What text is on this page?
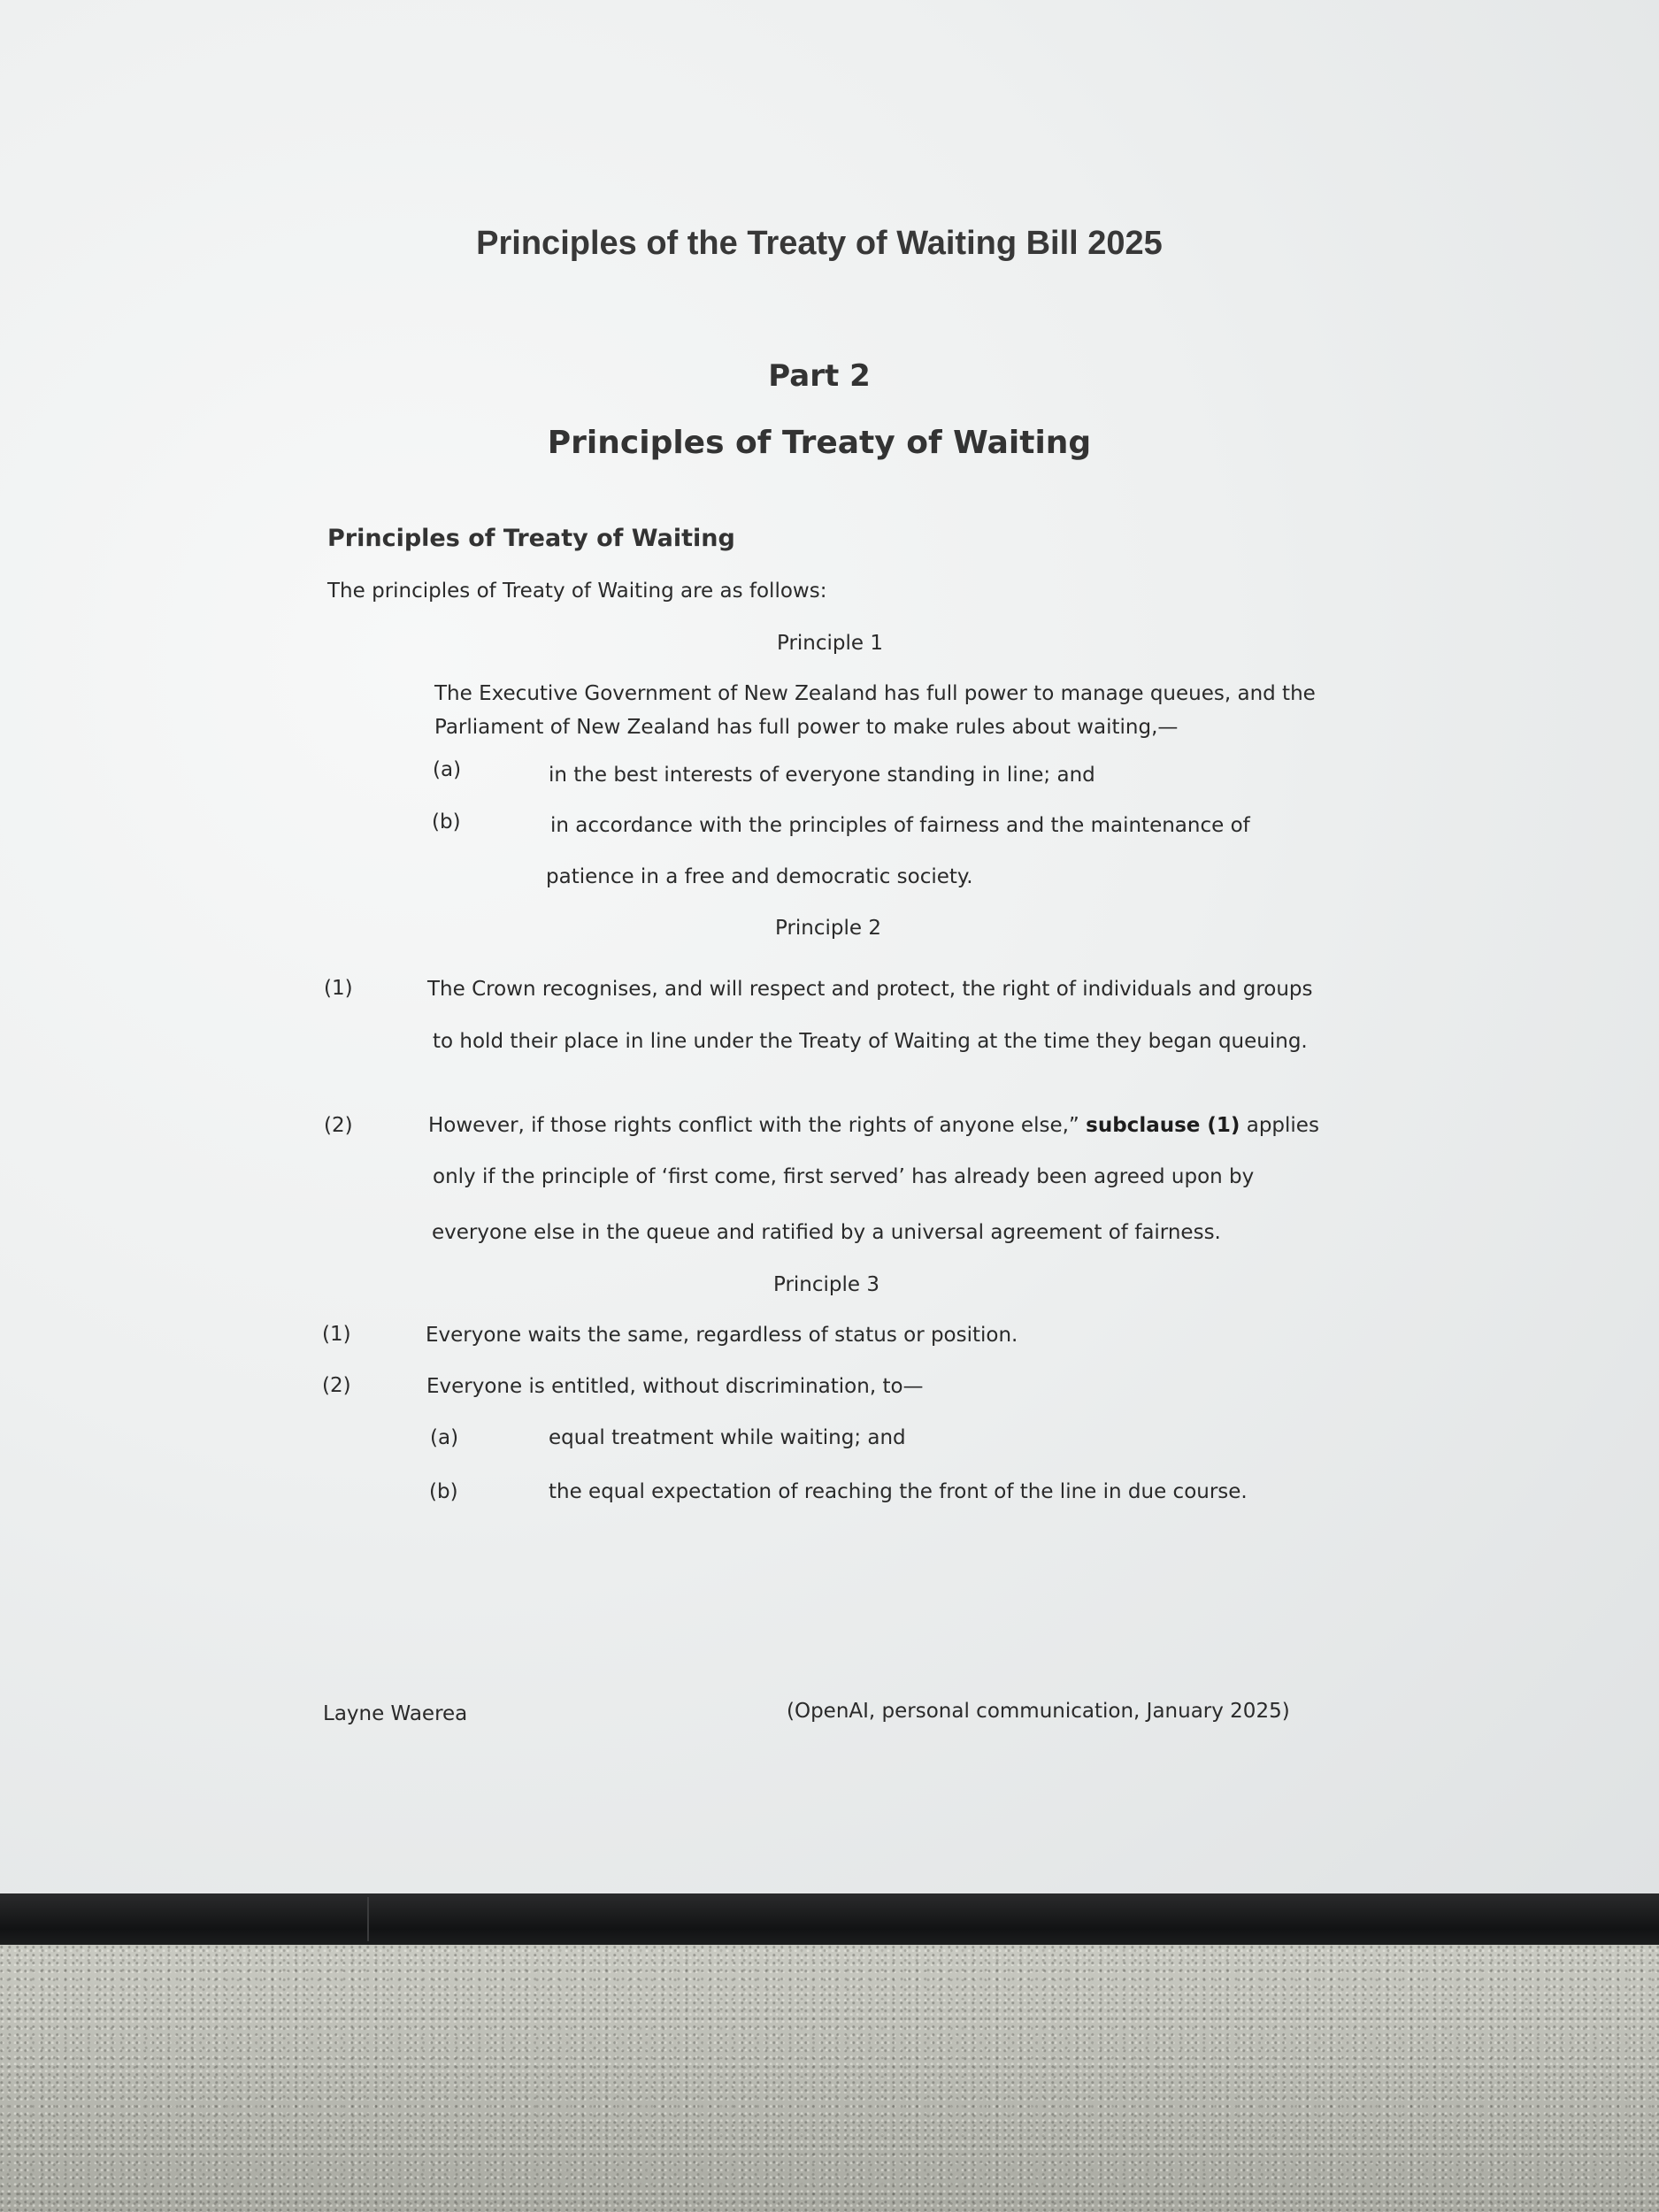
Principles of the Treaty of Waiting Bill 2025

Part 2

Principles of Treaty of Waiting

Principles of Treaty of Waiting

The principles of Treaty of Waiting are as follows:

Principle 1

The Executive Government of New Zealand has full power to manage queues, and the

Parliament of New Zealand has full power to make rules about waiting,—

(a)	in the best interests of everyone standing in line; and

(b)	in accordance with the principles of fairness and the maintenance of

patience in a free and democratic society.

Principle 2

(1)	The Crown recognises, and will respect and protect, the right of individuals and groups

to hold their place in line under the Treaty of Waiting at the time they began queuing.

(2)	However, if those rights conflict with the rights of anyone else,” subclause (1) applies

only if the principle of ‘first come, first served’ has already been agreed upon by

everyone else in the queue and ratified by a universal agreement of fairness.

Principle 3

(1)	Everyone waits the same, regardless of status or position.

(2)	Everyone is entitled, without discrimination, to—

(a)	equal treatment while waiting; and

(b)	the equal expectation of reaching the front of the line in due course.

Layne Waerea	(OpenAI, personal communication, January 2025)
